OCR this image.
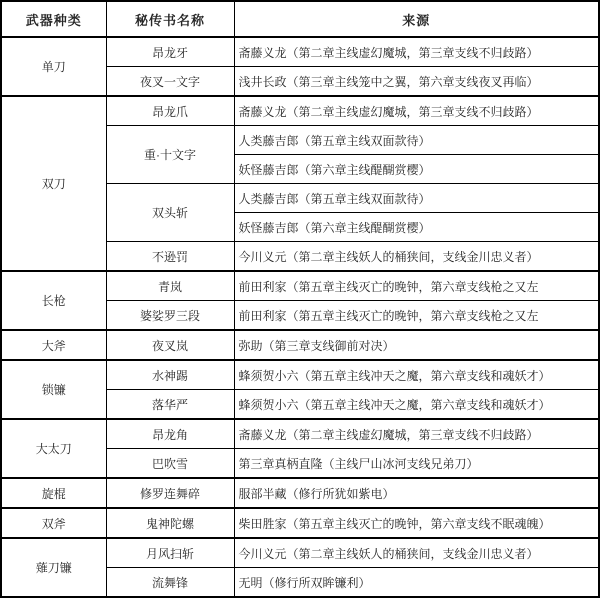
武器种类	秘传书名称	来源
单刀	昂龙牙	斋藤义龙（第二章主线虚幻魔城，第三章支线不归歧路）
	夜叉一文字	浅井长政（第三章主线笼中之翼，第六章支线夜叉再临）
双刀	昂龙爪	斋藤义龙（第二章主线虚幻魔城，第三章支线不归歧路）
	重·十文字	人类藤吉郎（第五章主线双面款待）
		妖怪藤吉郎（第六章主线醍醐赏樱）
	双头斩	人类藤吉郎（第五章主线双面款待）
		妖怪藤吉郎（第六章主线醍醐赏樱）
	不逊罚	今川义元（第二章主线妖人的桶狭间，支线金川忠义者）
长枪	青岚	前田利家（第五章主线灭亡的晚钟，第六章支线枪之又左
	婆娑罗三段	前田利家（第五章主线灭亡的晚钟，第六章支线枪之又左
大斧	夜叉岚	弥助（第三章支线御前对决）
锁镰	水神踢	蜂须贺小六（第五章主线冲天之魔，第六章支线和魂妖才）
	落华严	蜂须贺小六（第五章主线冲天之魔，第六章支线和魂妖才）
大太刀	昂龙角	斋藤义龙（第二章主线虚幻魔城，第三章支线不归歧路）
	巴吹雪	第三章真柄直隆（主线尸山冰河支线兄弟刀）
旋棍	修罗连舞碎	服部半藏（修行所犹如紫电）
双斧	鬼神陀螺	柴田胜家（第五章主线灭亡的晚钟，第六章支线不眠魂魄）
薙刀镰	月风扫斩	今川义元（第二章主线妖人的桶狭间，支线金川忠义者）
	流舞锋	无明（修行所双眸镰利）
